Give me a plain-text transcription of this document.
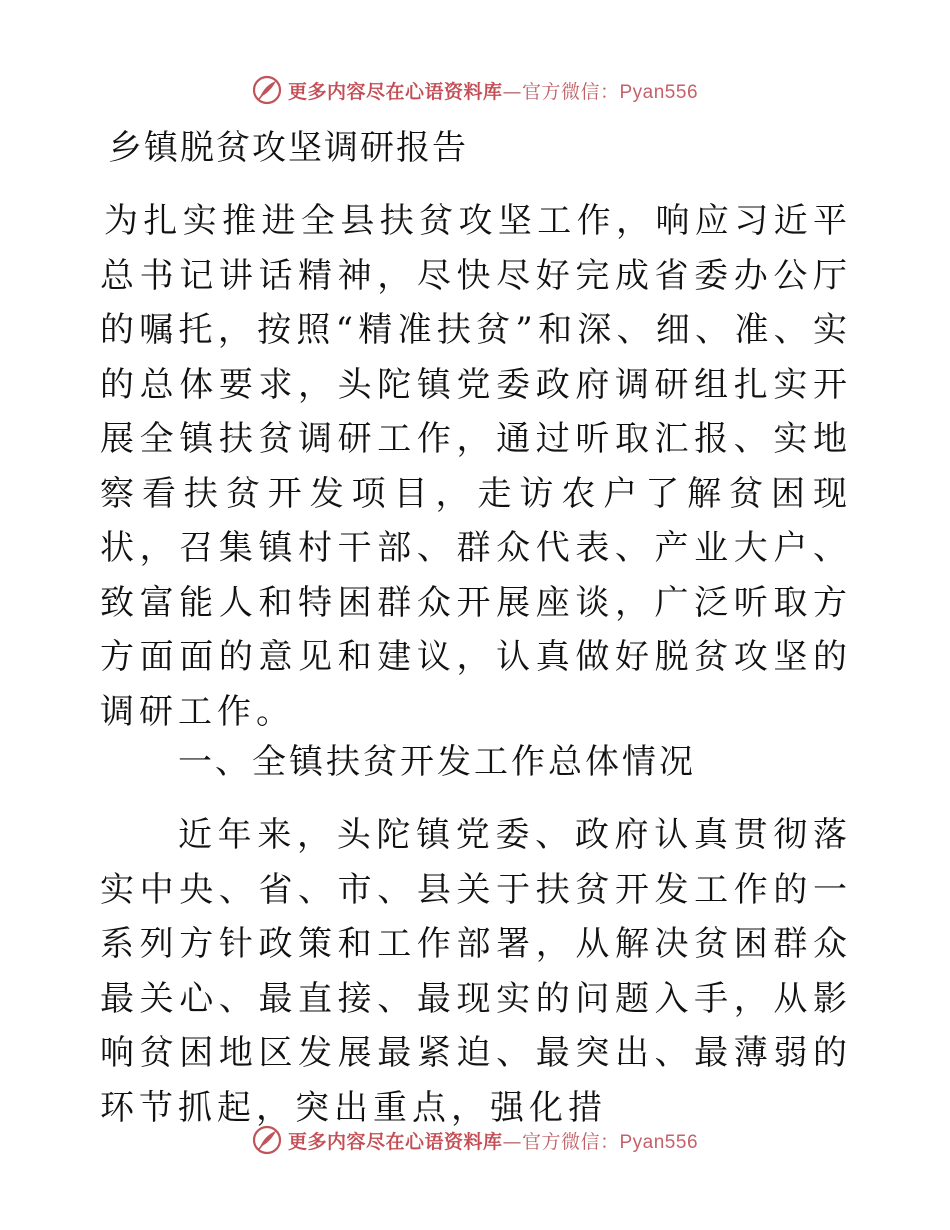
更多内容尽在心语资料库—官方微信：Pyan556
乡镇脱贫攻坚调研报告

为扎实推进全县扶贫攻坚工作，响应习近平总书记讲话精神，尽快尽好完成省委办公厅的嘱托，按照“精准扶贫”和深、细、准、实的总体要求，头陀镇党委政府调研组扎实开展全镇扶贫调研工作，通过听取汇报、实地察看扶贫开发项目，走访农户了解贫困现状，召集镇村干部、群众代表、产业大户、致富能人和特困群众开展座谈，广泛听取方方面面的意见和建议，认真做好脱贫攻坚的调研工作。

一、全镇扶贫开发工作总体情况

近年来，头陀镇党委、政府认真贯彻落实中央、省、市、县关于扶贫开发工作的一系列方针政策和工作部署，从解决贫困群众最关心、最直接、最现实的问题入手，从影响贫困地区发展最紧迫、最突出、最薄弱的环节抓起，突出重点，强化措

更多内容尽在心语资料库—官方微信：Pyan556
